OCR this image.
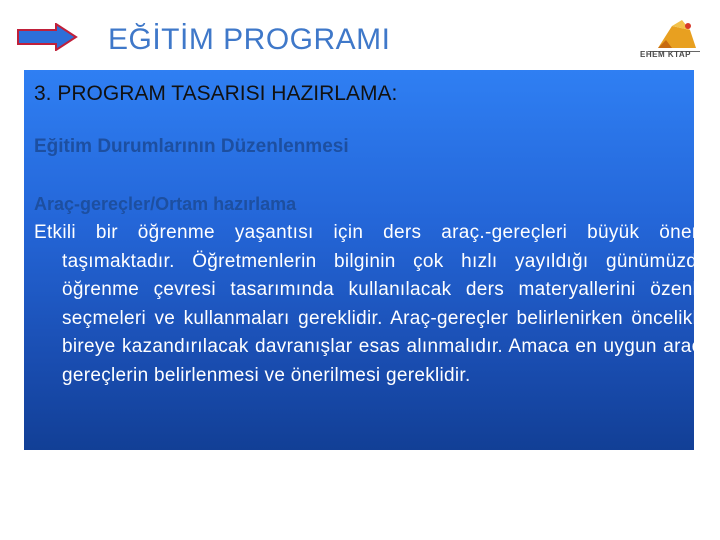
EĞİTİM PROGRAMI	EHEM KTAP
3. PROGRAM TASARISI HAZIRLAMA:
Eğitim Durumlarının Düzenlenmesi
Araç-gereçler/Ortam hazırlama

Etkili bir öğrenme yaşantısı için ders araç.-gereçleri büyük önem taşımaktadır. Öğretmenlerin bilginin çok hızlı yayıldığı günümüzde öğrenme çevresi tasarımında kullanılacak ders materyallerini özenle seçmeleri ve kullanmaları gereklidir. Araç-gereçler belirlenirken öncelikle bireye kazandırılacak davranışlar esas alınmalıdır. Amaca en uygun araç-gereçlerin belirlenmesi ve önerilmesi gereklidir.
